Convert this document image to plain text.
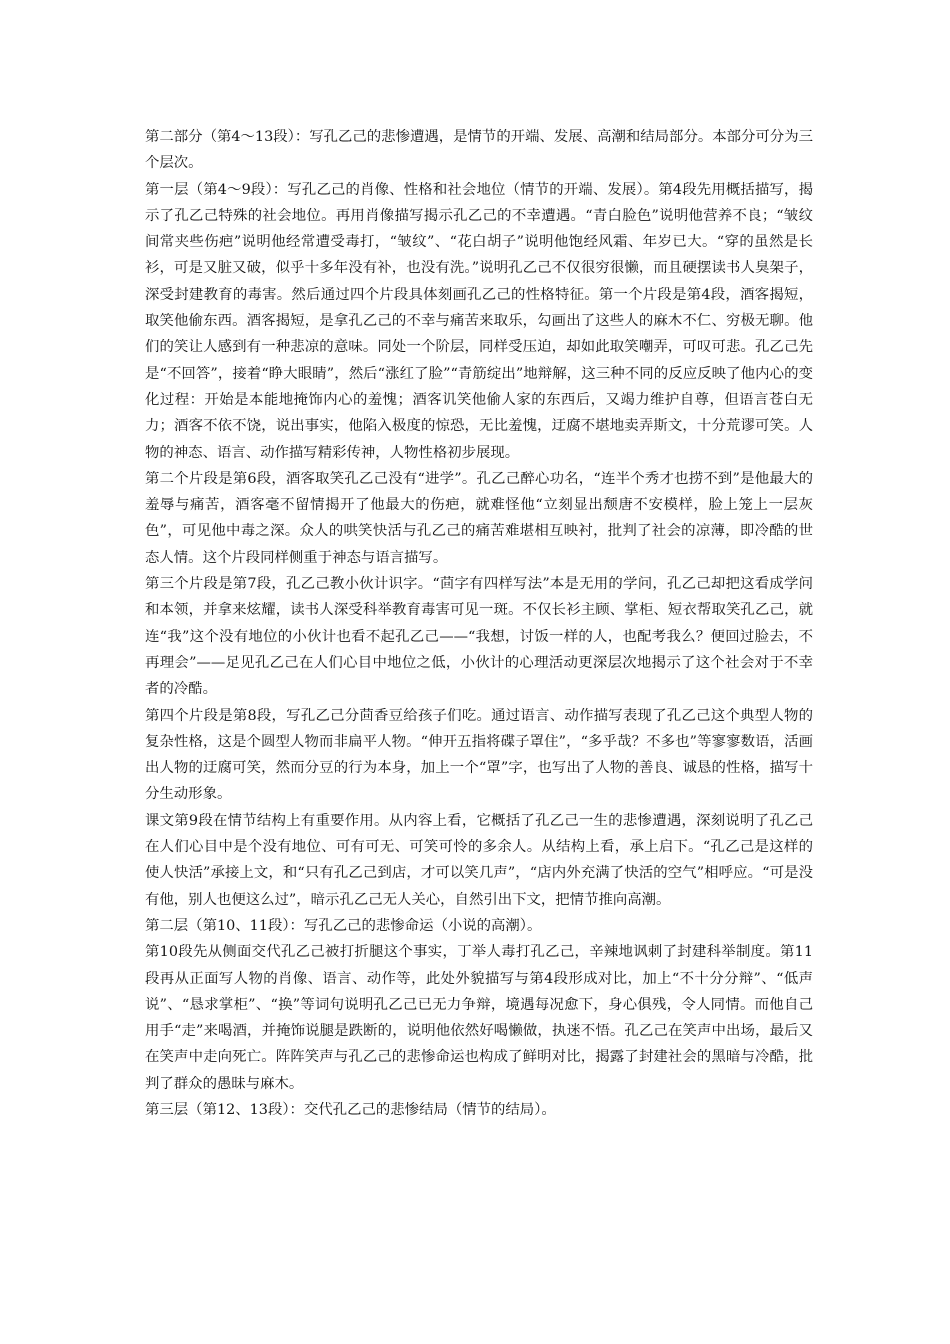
第二部分（第4～13段）：写孔乙己的悲惨遭遇，是情节的开端、发展、高潮和结局部分。本部分可分为三个层次。

第一层（第4～9段）：写孔乙己的肖像、性格和社会地位（情节的开端、发展）。第4段先用概括描写，揭示了孔乙己特殊的社会地位。再用肖像描写揭示孔乙己的不幸遭遇。“青白脸色”说明他营养不良；“皱纹间常夹些伤疤”说明他经常遭受毒打，“皱纹”、“花白胡子”说明他饱经风霜、年岁已大。“穿的虽然是长衫，可是又脏又破，似乎十多年没有补，也没有洗。”说明孔乙己不仅很穷很懒，而且硬摆读书人臭架子，深受封建教育的毒害。然后通过四个片段具体刻画孔乙己的性格特征。第一个片段是第4段，酒客揭短，取笑他偷东西。酒客揭短，是拿孔乙己的不幸与痛苦来取乐，勾画出了这些人的麻木不仁、穷极无聊。他们的笑让人感到有一种悲凉的意味。同处一个阶层，同样受压迫，却如此取笑嘲弄，可叹可悲。孔乙己先是“不回答”，接着“睁大眼睛”，然后“涨红了脸”“青筋绽出”地辩解，这三种不同的反应反映了他内心的变化过程：开始是本能地掩饰内心的羞愧；酒客讥笑他偷人家的东西后，又竭力维护自尊，但语言苍白无力；酒客不依不饶，说出事实，他陷入极度的惊恐，无比羞愧，迂腐不堪地卖弄斯文，十分荒谬可笑。人物的神态、语言、动作描写精彩传神，人物性格初步展现。

第二个片段是第6段，酒客取笑孔乙己没有“进学”。孔乙己醉心功名，“连半个秀才也捞不到”是他最大的羞辱与痛苦，酒客毫不留情揭开了他最大的伤疤，就难怪他“立刻显出颓唐不安模样，脸上笼上一层灰色”，可见他中毒之深。众人的哄笑快活与孔乙己的痛苦难堪相互映衬，批判了社会的凉薄，即冷酷的世态人情。这个片段同样侧重于神态与语言描写。

第三个片段是第7段，孔乙己教小伙计识字。“茴字有四样写法”本是无用的学问，孔乙己却把这看成学问和本领，并拿来炫耀，读书人深受科举教育毒害可见一斑。不仅长衫主顾、掌柜、短衣帮取笑孔乙己，就连“我”这个没有地位的小伙计也看不起孔乙己——“我想，讨饭一样的人，也配考我么？便回过脸去，不再理会”——足见孔乙己在人们心目中地位之低，小伙计的心理活动更深层次地揭示了这个社会对于不幸者的冷酷。

第四个片段是第8段，写孔乙己分茴香豆给孩子们吃。通过语言、动作描写表现了孔乙己这个典型人物的复杂性格，这是个圆型人物而非扁平人物。“伸开五指将碟子罩住”，“多乎哉？不多也”等寥寥数语，活画出人物的迂腐可笑，然而分豆的行为本身，加上一个“罩”字，也写出了人物的善良、诚恳的性格，描写十分生动形象。

课文第9段在情节结构上有重要作用。从内容上看，它概括了孔乙己一生的悲惨遭遇，深刻说明了孔乙己在人们心目中是个没有地位、可有可无、可笑可怜的多余人。从结构上看，承上启下。“孔乙己是这样的使人快活”承接上文，和“只有孔乙己到店，才可以笑几声”，“店内外充满了快活的空气”相呼应。“可是没有他，别人也便这么过”，暗示孔乙己无人关心，自然引出下文，把情节推向高潮。

第二层（第10、11段）：写孔乙己的悲惨命运（小说的高潮）。

第10段先从侧面交代孔乙己被打折腿这个事实，丁举人毒打孔乙己，辛辣地讽刺了封建科举制度。第11段再从正面写人物的肖像、语言、动作等，此处外貌描写与第4段形成对比，加上“不十分分辩”、“低声说”、“恳求掌柜”、“换”等词句说明孔乙己已无力争辩，境遇每况愈下，身心俱残，令人同情。而他自己用手“走”来喝酒，并掩饰说腿是跌断的，说明他依然好喝懒做，执迷不悟。孔乙己在笑声中出场，最后又在笑声中走向死亡。阵阵笑声与孔乙己的悲惨命运也构成了鲜明对比，揭露了封建社会的黑暗与冷酷，批判了群众的愚昧与麻木。

第三层（第12、13段）：交代孔乙己的悲惨结局（情节的结局）。
